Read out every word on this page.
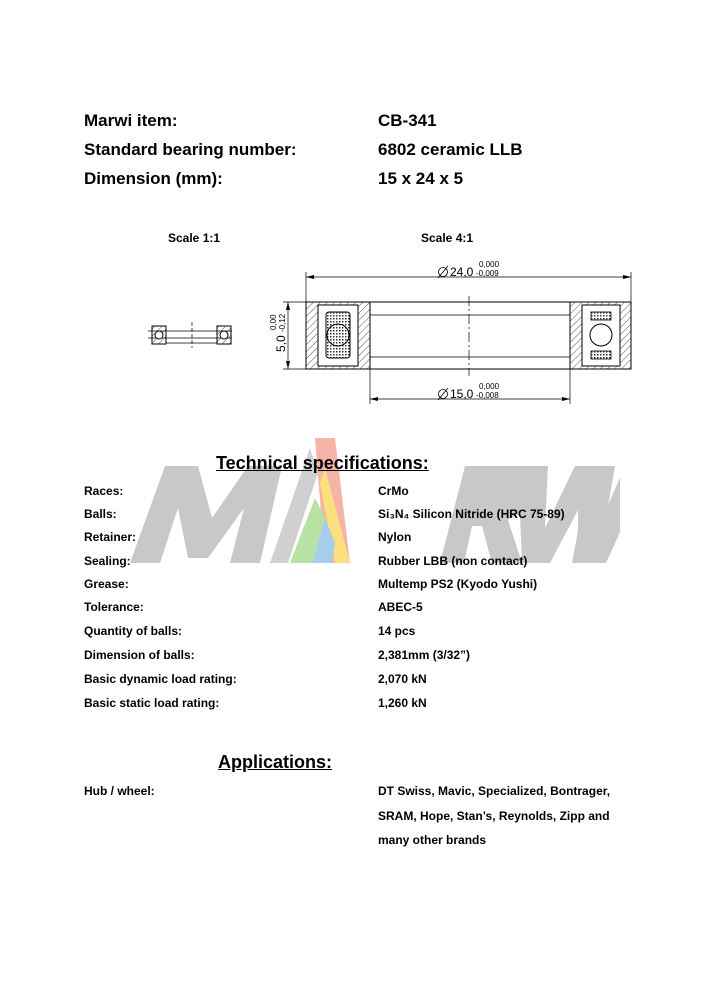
Marwi item:	CB-341
Standard bearing number:	6802 ceramic LLB
Dimension (mm):	15 x 24 x 5
Scale 1:1	Scale 4:1
24,0
0,000
-0,009
15,0
0,000
-0,008
5,0
0,00 -0,12
Technical specifications:
Races:	CrMo
Balls:	Si₃N₄ Silicon Nitride (HRC 75-89)
Retainer:	Nylon
Sealing:	Rubber LBB (non contact)
Grease:	Multemp PS2 (Kyodo Yushi)
Tolerance:	ABEC-5
Quantity of balls:	14 pcs
Dimension of balls:	2,381mm (3/32”)
Basic dynamic load rating:	2,070 kN
Basic static load rating:	1,260 kN
Applications:
Hub / wheel:	DT Swiss, Mavic, Specialized, Bontrager,
SRAM, Hope, Stan’s, Reynolds, Zipp and
many other brands
